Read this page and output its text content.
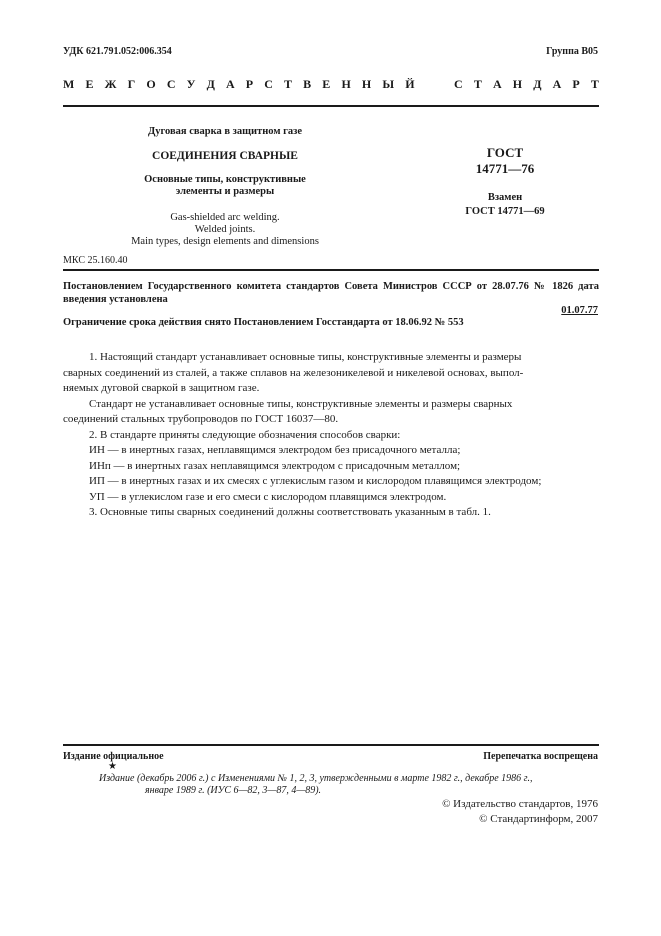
УДК 621.791.052:006.354	Группа В05
М Е Ж Г О С У Д А Р С Т В Е Н Н Ы Й

	С Т А Н Д А Р Т
Дуговая сварка в защитном газе
СОЕДИНЕНИЯ СВАРНЫЕ
Основные типы, конструктивные
элементы и размеры
Gas-shielded arc welding.
Welded joints.
Main types, design elements and dimensions
ГОСТ
14771—76
Взамен
ГОСТ 14771—69
МКС 25.160.40
Постановлением Государственного комитета стандартов Совета Министров СССР от 28.07.76 № 1826 дата введения установлена
01.07.77
Ограничение срока действия снято Постановлением Госстандарта от 18.06.92 № 553

1. Настоящий стандарт устанавливает основные типы, конструктивные элементы и размеры

сварных соединений из сталей, а также сплавов на железоникелевой и никелевой основах, выпол-

няемых дуговой сваркой в защитном газе.

Стандарт не устанавливает основные типы, конструктивные элементы и размеры сварных

соединений стальных трубопроводов по ГОСТ 16037—80.

2. В стандарте приняты следующие обозначения способов сварки:

ИН — в инертных газах, неплавящимся электродом без присадочного металла;

ИНп — в инертных газах неплавящимся электродом с присадочным металлом;

ИП — в инертных газах и их смесях с углекислым газом и кислородом плавящимся электродом;

УП — в углекислом газе и его смеси с кислородом плавящимся электродом.

3. Основные типы сварных соединений должны соответствовать указанным в табл. 1.

Издание официальное	Перепечатка воспрещена
★
Издание (декабрь 2006 г.) с Изменениями № 1, 2, 3, утвержденными в марте 1982 г., декабре 1986 г.,
январе 1989 г. (ИУС 6—82, 3—87, 4—89).
© Издательство стандартов, 1976
© Стандартинформ, 2007
